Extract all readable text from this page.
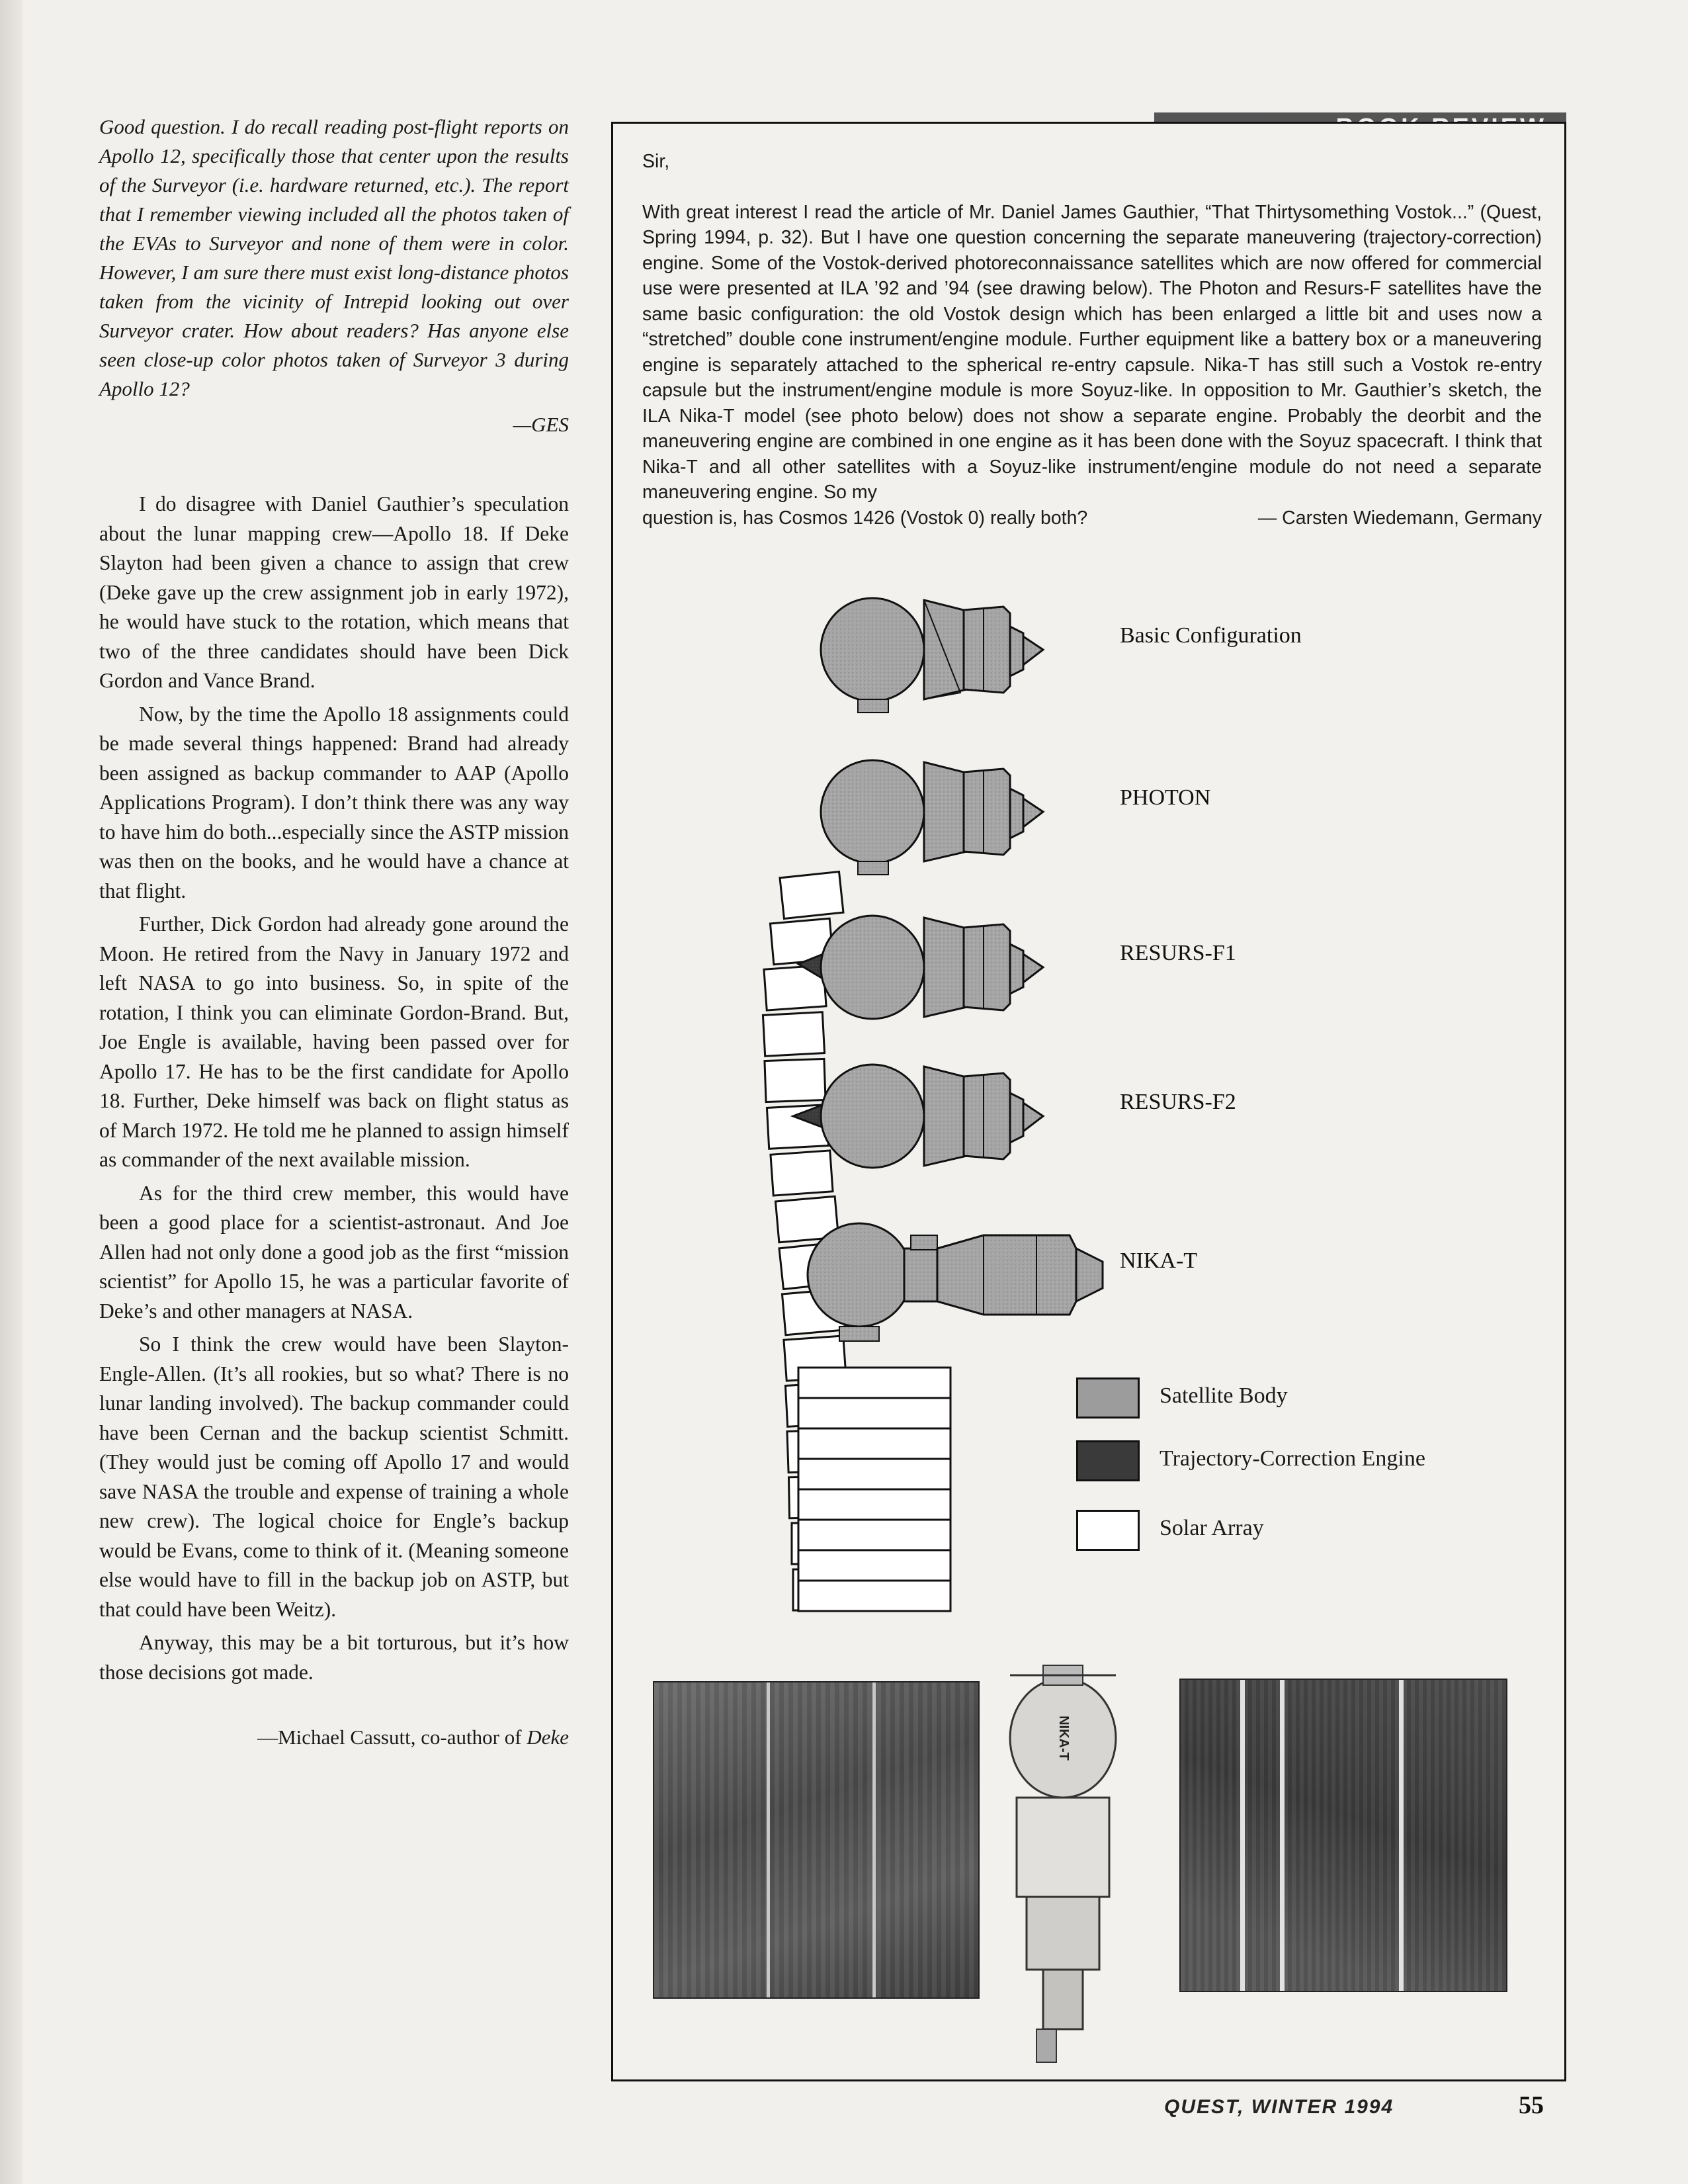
Good question. I do recall reading post-flight reports on Apollo 12, specifically those that center upon the results of the Surveyor (i.e. hardware returned, etc.). The report that I remember viewing included all the photos taken of the EVAs to Surveyor and none of them were in color. However, I am sure there must exist long-distance photos taken from the vicinity of Intrepid looking out over Surveyor crater. How about readers? Has anyone else seen close-up color photos taken of Surveyor 3 during Apollo 12?

—GES

I do disagree with Daniel Gauthier’s speculation about the lunar mapping crew—Apollo 18. If Deke Slayton had been given a chance to assign that crew (Deke gave up the crew assignment job in early 1972), he would have stuck to the rotation, which means that two of the three candidates should have been Dick Gordon and Vance Brand.

Now, by the time the Apollo 18 assignments could be made several things happened: Brand had already been assigned as backup commander to AAP (Apollo Applications Program). I don’t think there was any way to have him do both...especially since the ASTP mission was then on the books, and he would have a chance at that flight.

Further, Dick Gordon had already gone around the Moon. He retired from the Navy in January 1972 and left NASA to go into business. So, in spite of the rotation, I think you can eliminate Gordon-Brand. But, Joe Engle is available, having been passed over for Apollo 17. He has to be the first candidate for Apollo 18. Further, Deke himself was back on flight status as of March 1972. He told me he planned to assign himself as commander of the next available mission.

As for the third crew member, this would have been a good place for a scientist-astronaut. And Joe Allen had not only done a good job as the first “mission scientist” for Apollo 15, he was a particular favorite of Deke’s and other managers at NASA.

So I think the crew would have been Slayton-Engle-Allen. (It’s all rookies, but so what? There is no lunar landing involved). The backup commander could have been Cernan and the backup scientist Schmitt. (They would just be coming off Apollo 17 and would save NASA the trouble and expense of training a whole new crew). The logical choice for Engle’s backup would be Evans, come to think of it. (Meaning someone else would have to fill in the backup job on ASTP, but that could have been Weitz).

Anyway, this may be a bit torturous, but it’s how those decisions got made.

—Michael Cassutt, co-author of Deke
Sir,
With great interest I read the article of Mr. Daniel James Gauthier, “That Thirtysomething Vostok...” (Quest, Spring 1994, p. 32). But I have one question concerning the separate maneuvering (trajectory-correction) engine. Some of the Vostok-derived photoreconnaissance satellites which are now offered for commercial use were presented at ILA ’92 and ’94 (see drawing below). The Photon and Resurs-F satellites have the same basic configuration: the old Vostok design which has been enlarged a little bit and uses now a “stretched” double cone instrument/engine module. Further equipment like a battery box or a maneuvering engine is separately attached to the spherical re-entry capsule. Nika-T has still such a Vostok re-entry capsule but the instrument/engine module is more Soyuz-like. In opposition to Mr. Gauthier’s sketch, the ILA Nika-T model (see photo below) does not show a separate engine. Probably the deorbit and the maneuvering engine are combined in one engine as it has been done with the Soyuz spacecraft. I think that Nika-T and all other satellites with a Soyuz-like instrument/engine module do not need a separate maneuvering engine. So my
question is, has Cosmos 1426 (Vostok 0) really both?	— Carsten Wiedemann, Germany
NIKA-T
Basic Configuration
PHOTON
RESURS-F1
RESURS-F2
NIKA-T
Satellite Body
Trajectory-Correction Engine
Solar Array
QUEST, WINTER 1994	55
